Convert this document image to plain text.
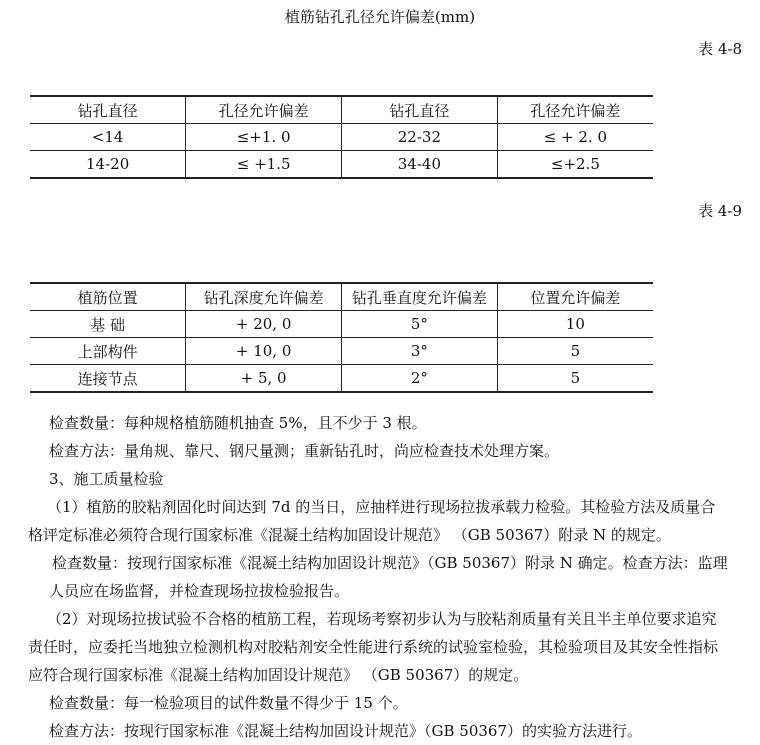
植筋钻孔孔径允许偏差(mm)
表 4-8
钻孔直径	孔径允许偏差	钻孔直径	孔径允许偏差
<14	≤+1. 0	22-32	≤ + 2. 0
14-20	≤ +1.5	34-40	≤+2.5
表 4-9
植筋位置	钻孔深度允许偏差	钻孔垂直度允许偏差	位置允许偏差
基 础	+ 20, 0	5°	10
上部构件	+ 10, 0	3°	5
连接节点	+ 5, 0	2°	5
检查数量：每种规格植筋随机抽查 5%，且不少于 3 根。
检查方法：量角规、靠尺、钢尺量测；重新钻孔时，尚应检查技术处理方案。
3、施工质量检验
（1）植筋的胶粘剂固化时间达到 7d 的当日，应抽样进行现场拉拔承载力检验。其检验方法及质量合
格评定标准必须符合现行国家标准《混凝土结构加固设计规范》 （GB 50367）附录 N 的规定。
检查数量：按现行国家标准《混凝土结构加固设计规范》（GB 50367）附录 N 确定。检查方法：监理
人员应在场监督，并检查现场拉拔检验报告。
（2）对现场拉拔试验不合格的植筋工程，若现场考察初步认为与胶粘剂质量有关且半主单位要求追究
责任时，应委托当地独立检测机构对胶粘剂安全性能进行系统的试验室检验，其检验项目及其安全性指标
应符合现行国家标准《混凝土结构加固设计规范》 （GB 50367）的规定。
检查数量：每一检验项目的试件数量不得少于 15 个。
检查方法：按现行国家标准《混凝土结构加固设计规范》（GB 50367）的实验方法进行。
